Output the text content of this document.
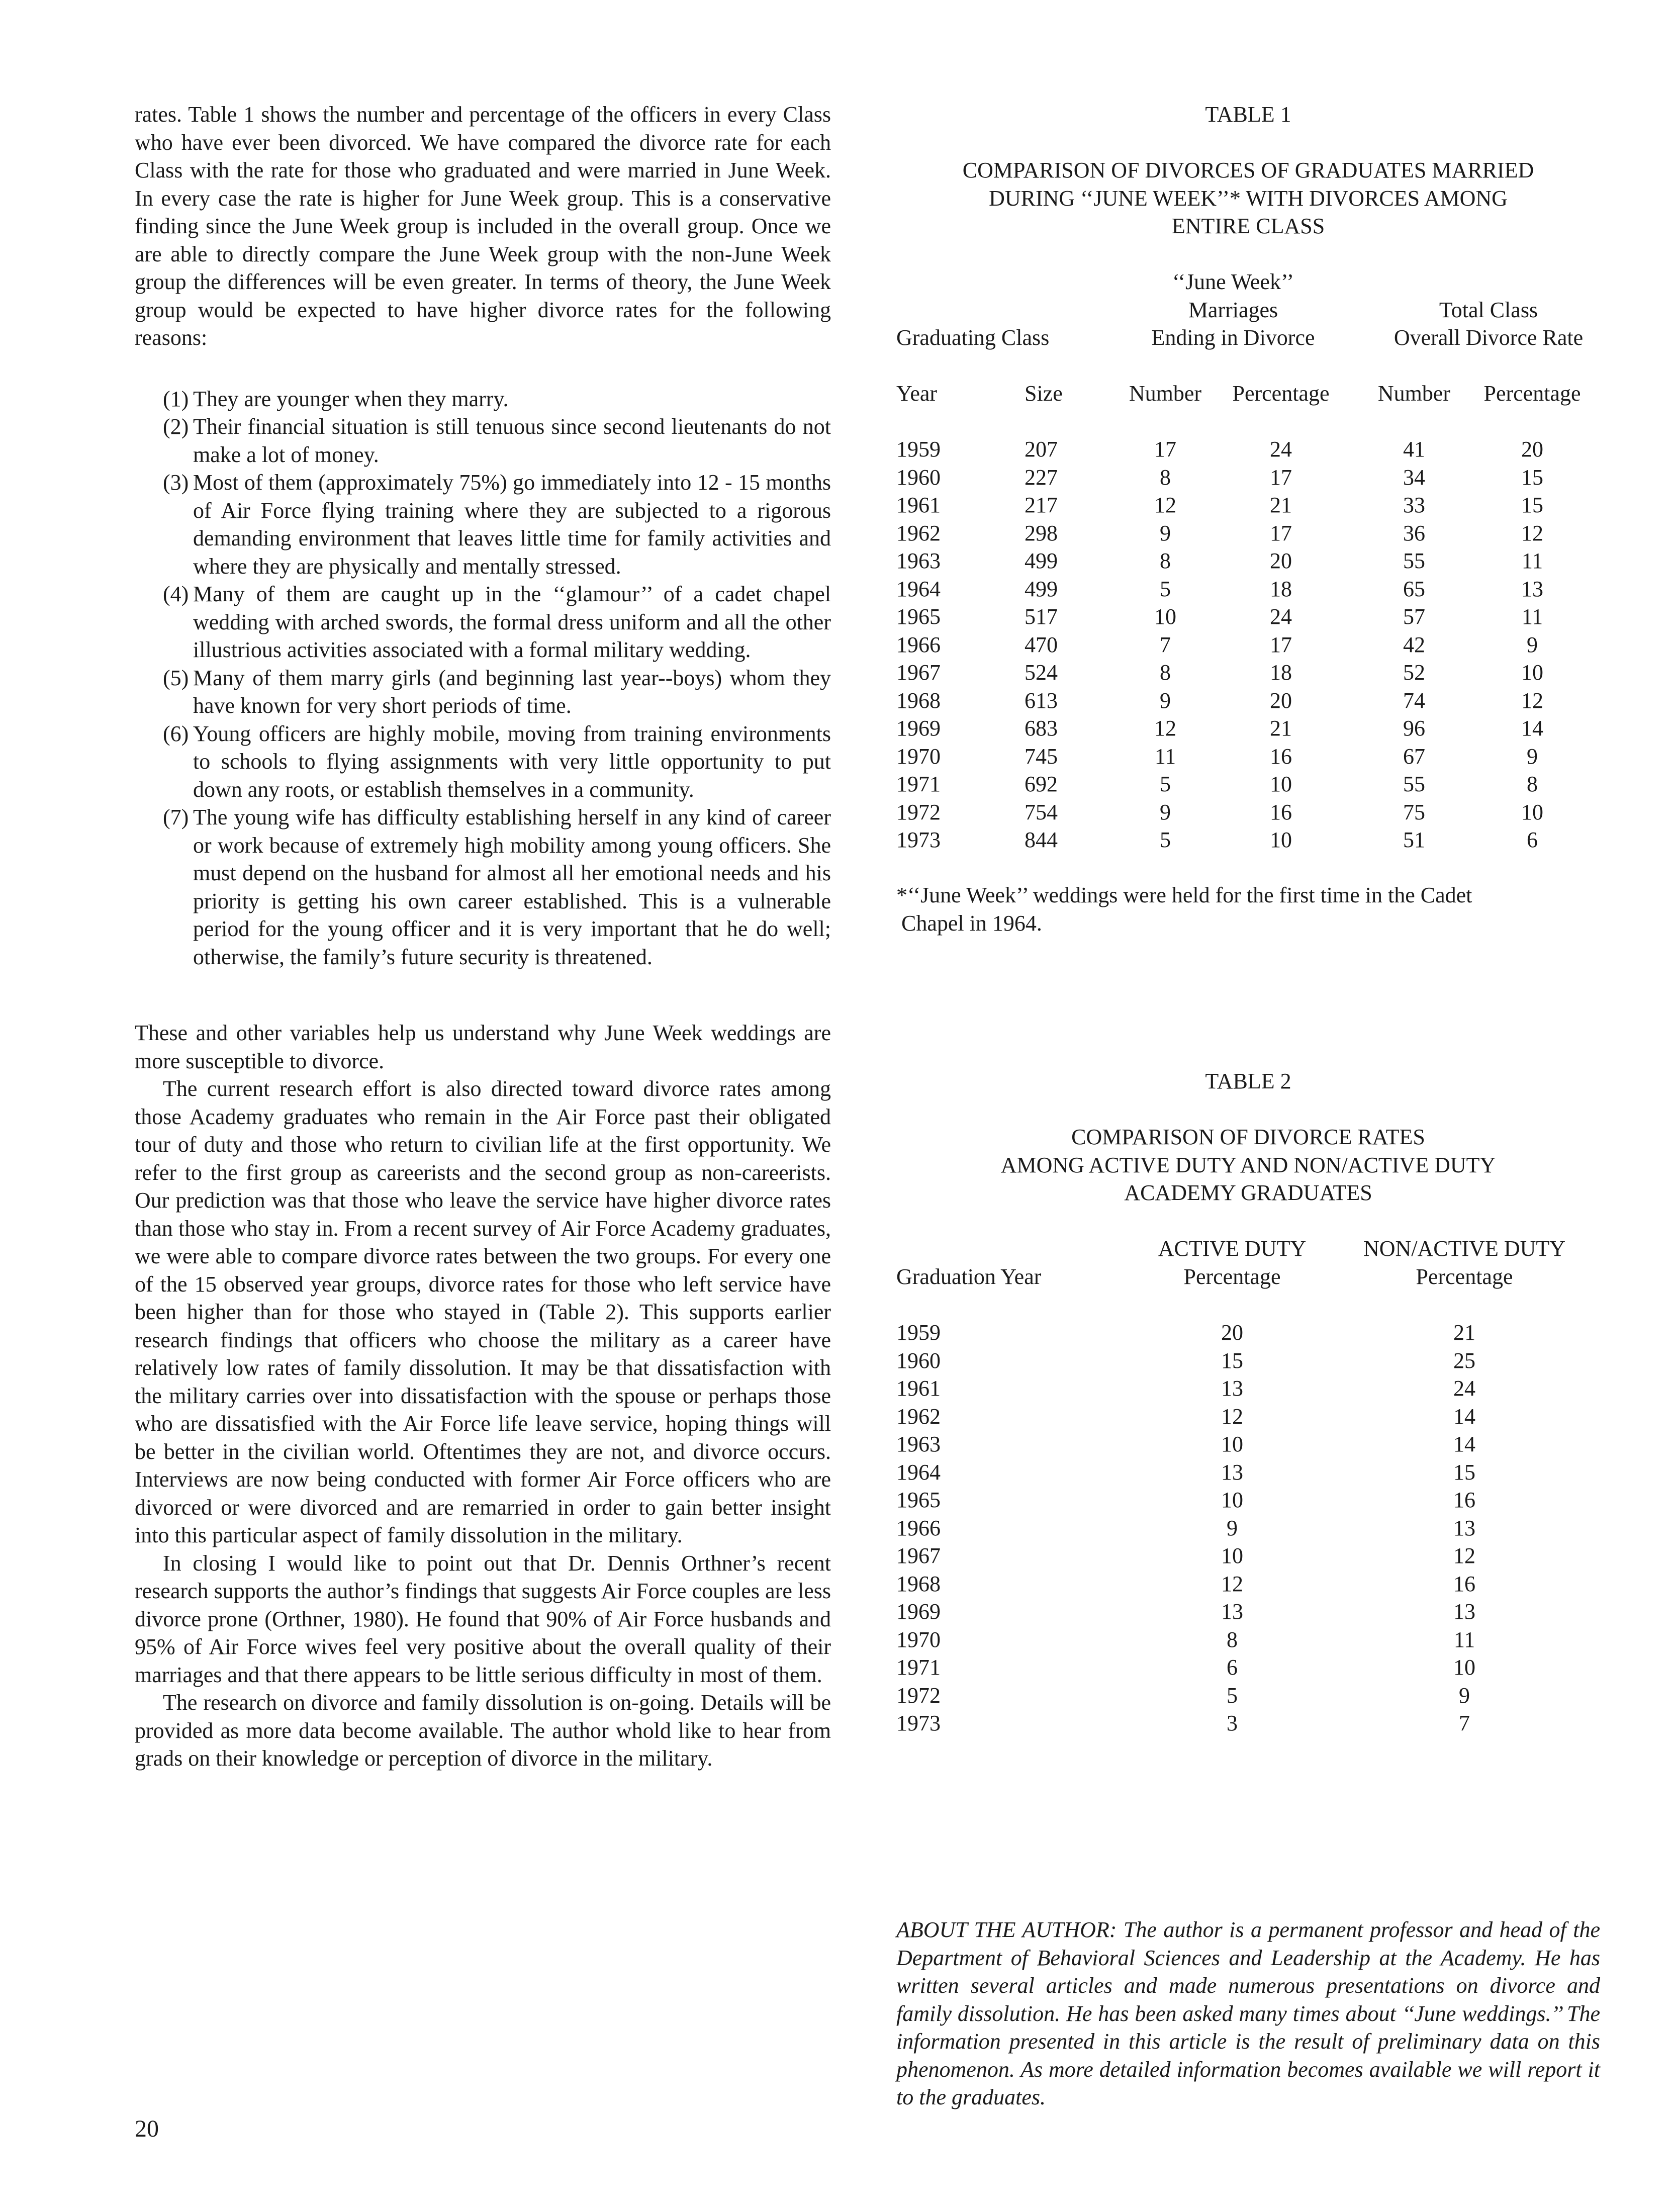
rates. Table 1 shows the number and percentage of the officers in every Class who have ever been divorced. We have compared the divorce rate for each Class with the rate for those who graduated and were married in June Week. In every case the rate is higher for June Week group. This is a conservative finding since the June Week group is included in the overall group. Once we are able to directly compare the June Week group with the non-June Week group the differences will be even greater. In terms of theory, the June Week group would be expected to have higher divorce rates for the following reasons:

(1) They are younger when they marry.
(2) Their financial situation is still tenuous since second lieutenants do not make a lot of money.
(3) Most of them (approximately 75%) go immediately into 12 - 15 months of Air Force flying training where they are subjected to a rigorous demanding environment that leaves little time for family activities and where they are physically and mentally stressed.
(4) Many of them are caught up in the ‘‘glamour’’ of a cadet chapel wedding with arched swords, the formal dress uniform and all the other illustrious activities associated with a formal military wedding.
(5) Many of them marry girls (and beginning last year--boys) whom they have known for very short periods of time.
(6) Young officers are highly mobile, moving from training environments to schools to flying assignments with very little opportunity to put down any roots, or establish themselves in a community.
(7) The young wife has difficulty establishing herself in any kind of career or work because of extremely high mobility among young officers. She must depend on the husband for almost all her emotional needs and his priority is getting his own career established. This is a vulnerable period for the young officer and it is very important that he do well; otherwise, the family’s future security is threatened.

These and other variables help us understand why June Week weddings are more susceptible to divorce.

The current research effort is also directed toward divorce rates among those Academy graduates who remain in the Air Force past their obligated tour of duty and those who return to civilian life at the first opportunity. We refer to the first group as careerists and the second group as non-careerists. Our prediction was that those who leave the service have higher divorce rates than those who stay in. From a recent survey of Air Force Academy graduates, we were able to compare divorce rates between the two groups. For every one of the 15 observed year groups, divorce rates for those who left service have been higher than for those who stayed in (Table 2). This supports earlier research findings that officers who choose the military as a career have relatively low rates of family dissolution. It may be that dissatisfaction with the military carries over into dissatisfaction with the spouse or perhaps those who are dissatisfied with the Air Force life leave service, hoping things will be better in the civilian world. Oftentimes they are not, and divorce occurs. Interviews are now being conducted with former Air Force officers who are divorced or were divorced and are remarried in order to gain better insight into this particular aspect of family dissolution in the military.

In closing I would like to point out that Dr. Dennis Orthner’s recent research supports the author’s findings that suggests Air Force couples are less divorce prone (Orthner, 1980). He found that 90% of Air Force husbands and 95% of Air Force wives feel very positive about the overall quality of their marriages and that there appears to be little serious difficulty in most of them.

The research on divorce and family dissolution is on-going. Details will be provided as more data become available. The author whold like to hear from grads on their knowledge or perception of divorce in the military.

TABLE 1
COMPARISON OF DIVORCES OF GRADUATES MARRIED
DURING ‘‘JUNE WEEK’’* WITH DIVORCES AMONG
ENTIRE CLASS
‘‘June Week’’
Marriages	Total Class
Graduating Class	Ending in Divorce	Overall Divorce Rate
Year	Size	Number Percentage Number Percentage
1959	207	17	24	41	20
1960	227	8	17	34	15
1961	217	12	21	33	15
1962	298	9	17	36	12
1963	499	8	20	55	11
1964	499	5	18	65	13
1965	517	10	24	57	11
1966	470	7	17	42	9
1967	524	8	18	52	10
1968	613	9	20	74	12
1969	683	12	21	96	14
1970	745	11	16	67	9
1971	692	5	10	55	8
1972	754	9	16	75	10
1973	844	5	10	51	6
*‘‘June Week’’ weddings were held for the first time in the Cadet
Chapel in 1964.
TABLE 2
COMPARISON OF DIVORCE RATES
AMONG ACTIVE DUTY AND NON/ACTIVE DUTY
ACADEMY GRADUATES
ACTIVE DUTY	NON/ACTIVE DUTY
Graduation Year	Percentage	Percentage
1959	20	21
1960	15	25
1961	13	24
1962	12	14
1963	10	14
1964	13	15
1965	10	16
1966	9	13
1967	10	12
1968	12	16
1969	13	13
1970	8	11
1971	6	10
1972	5	9
1973	3	7
ABOUT THE AUTHOR: The author is a permanent professor and head of the Department of Behavioral Sciences and Leadership at the Academy. He has written several articles and made numerous presentations on divorce and family dissolution. He has been asked many times about ‘‘June weddings.’’ The information presented in this article is the result of preliminary data on this phenomenon. As more detailed information becomes available we will report it to the graduates.
20
